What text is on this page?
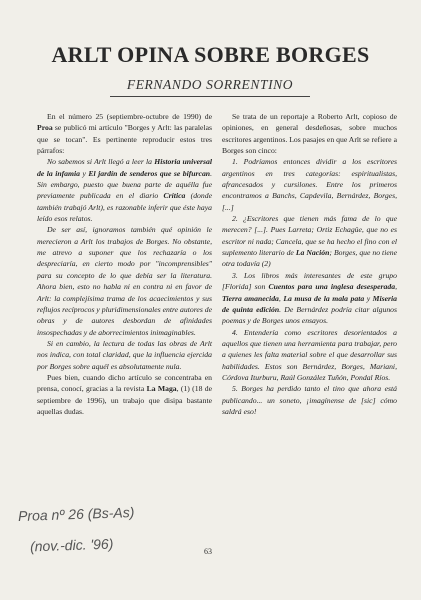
ARLT OPINA SOBRE BORGES
FERNANDO SORRENTINO

En el número 25 (septiembre-octubre de 1990) de Proa se publicó mi artículo "Borges y Arlt: las paralelas que se tocan". Es pertinente reproducir estos tres párrafos:

No sabemos si Arlt llegó a leer la Historia universal de la infamia y El jardín de senderos que se bifurcan. Sin embargo, puesto que buena parte de aquélla fue previamente publicada en el diario Crítica (donde también trabajó Arlt), es razonable inferir que éste haya leído esos relatos.

De ser así, ignoramos también qué opinión le merecieron a Arlt los trabajos de Borges. No obstante, me atrevo a suponer que los rechazaría o los despreciaría, en cierto modo por "incomprensibles" para su concepto de lo que debía ser la literatura. Ahora bien, esto no habla ni en contra ni en favor de Arlt: la complejísima trama de los acaecimientos y sus reflujos recíprocos y pluridimensionales entre autores de obras y de autores desbordan de afinidades insospechadas y de aborrecimientos inimaginables.

Si en cambio, la lectura de todas las obras de Arlt nos indica, con total claridad, que la influencia ejercida por Borges sobre aquél es absolutamente nula.

Pues bien, cuando dicho artículo se concentraba en prensa, conocí, gracias a la revista La Maga, (1) (18 de septiembre de 1996), un trabajo que disipa bastante aquellas dudas.

Se trata de un reportaje a Roberto Arlt, copioso de opiniones, en general desdeñosas, sobre muchos escritores argentinos. Los pasajes en que Arlt se refiere a Borges son cinco:

1. Podríamos entonces dividir a los escritores argentinos en tres categorías: espiritualistas, afrancesados y cursilones. Entre los primeros encontramos a Banchs, Capdevila, Bernárdez, Borges, [...]

2. ¿Escritores que tienen más fama de lo que merecen? [...]. Pues Larreta; Ortiz Echagüe, que no es escritor ni nada; Cancela, que se ha hecho el fino con el suplemento literario de La Nación; Borges, que no tiene otra todavía (2)

3. Los libros más interesantes de este grupo [Florida] son Cuentos para una inglesa desesperada, Tierra amanecida, La musa de la mala pata y Miseria de quinta edición. De Bernárdez podría citar algunos poemas y de Borges unos ensayos.

4. Entendería como escritores desorientados a aquellos que tienen una herramienta para trabajar, pero a quienes les falta material sobre el que desarrollar sus habilidades. Estos son Bernárdez, Borges, Mariani, Córdova Iturburu, Raúl González Tuñón, Pondal Ríos.

5. Borges ha perdido tanto el tino que ahora está publicando... un soneto, ¡imagínense de [sic] cómo saldrá eso!

Proa nº 26 (Bs-As)
(nov.-dic. '96)	63
